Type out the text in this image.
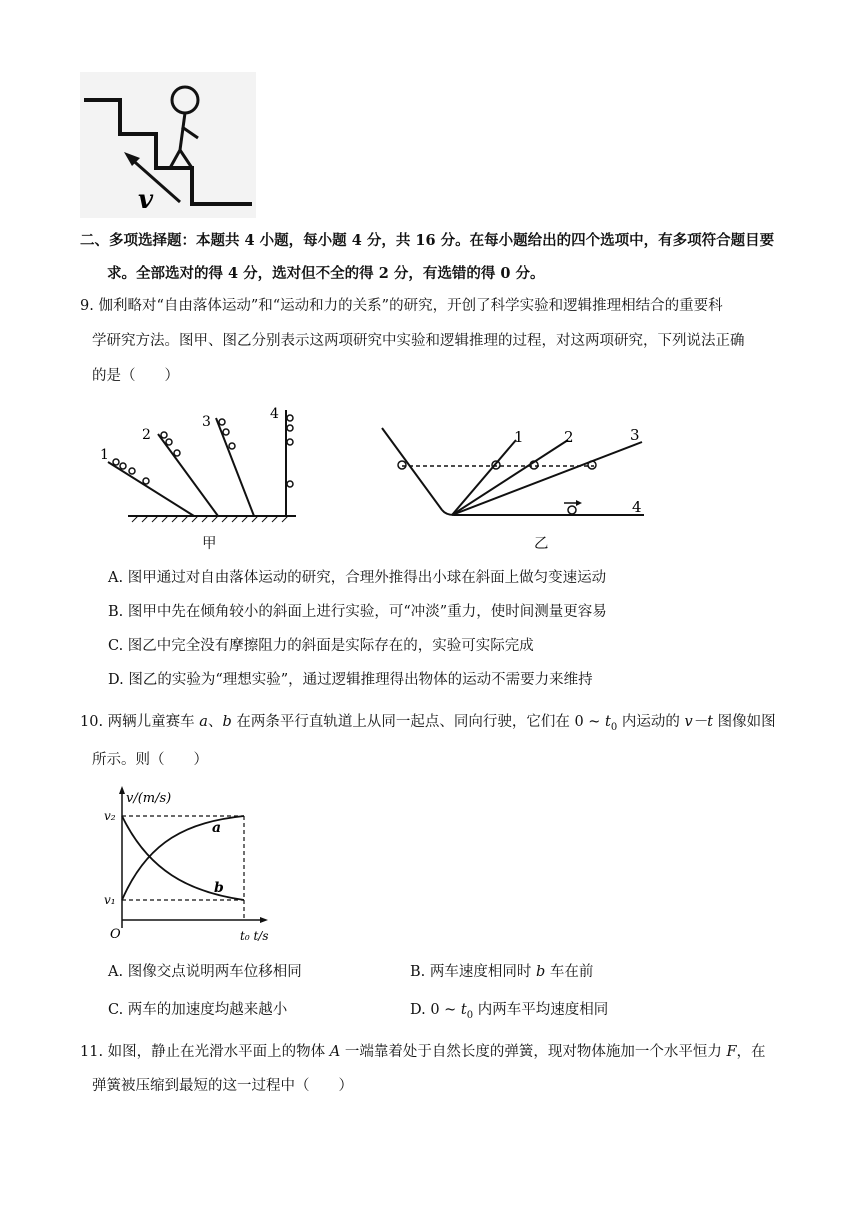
v
二、多项选择题：本题共 4 小题，每小题 4 分，共 16 分。在每小题给出的四个选项中，有多项符合题目要
求。全部选对的得 4 分，选对但不全的得 2 分，有选错的得 0 分。
9. 伽利略对“自由落体运动”和“运动和力的关系”的研究，开创了科学实验和逻辑推理相结合的重要科
学研究方法。图甲、图乙分别表示这两项研究中实验和逻辑推理的过程，对这两项研究，下列说法正确
的是（　　）
1
2
3	4
甲
1	2	3
4
乙
A. 图甲通过对自由落体运动的研究，合理外推得出小球在斜面上做匀变速运动
B. 图甲中先在倾角较小的斜面上进行实验，可“冲淡”重力，使时间测量更容易
C. 图乙中完全没有摩擦阻力的斜面是实际存在的，实验可实际完成
D. 图乙的实验为“理想实验”，通过逻辑推理得出物体的运动不需要力来维持
10. 两辆儿童赛车 a、b 在两条平行直轨道上从同一起点、同向行驶，它们在 0 ~ $t_0$ 内运动的 v－t 图像如图
所示。则（　　）
v/(m/s)
v₂
v₁
O	t₀ t/s
a
b
A. 图像交点说明两车位移相同	B. 两车速度相同时 b 车在前
C. 两车的加速度均越来越小	D. 0 ~ $t_0$ 内两车平均速度相同
11. 如图，静止在光滑水平面上的物体 A 一端靠着处于自然长度的弹簧，现对物体施加一个水平恒力 F，在
弹簧被压缩到最短的这一过程中（　　）
